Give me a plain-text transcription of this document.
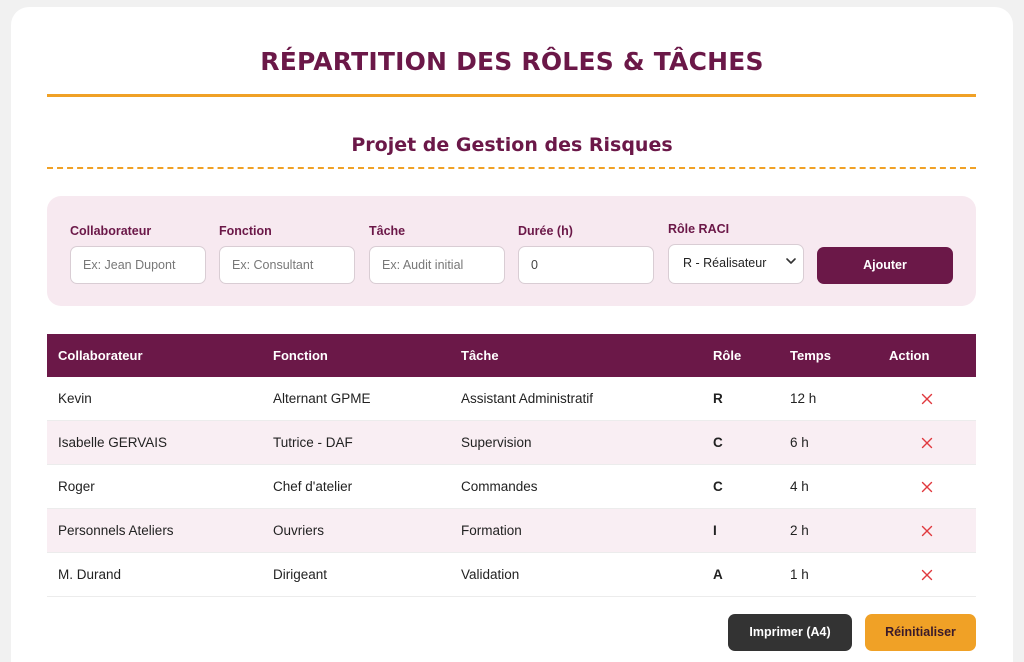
RÉPARTITION DES RÔLES & TÂCHES
Projet de Gestion des Risques
Collaborateur
Ex: Jean Dupont
Fonction
Ex: Consultant
Tâche
Ex: Audit initial
Durée (h)
0
Rôle RACI
R - Réalisateur	Ajouter
Collaborateur	Fonction	Tâche	Rôle	Temps	Action
Kevin	Alternant GPME	Assistant Administratif	R	12 h
Isabelle GERVAIS	Tutrice - DAF	Supervision	C	6 h
Roger	Chef d'atelier	Commandes	C	4 h
Personnels Ateliers	Ouvriers	Formation	I	2 h
M. Durand	Dirigeant	Validation	A	1 h
Imprimer (A4)	Réinitialiser
